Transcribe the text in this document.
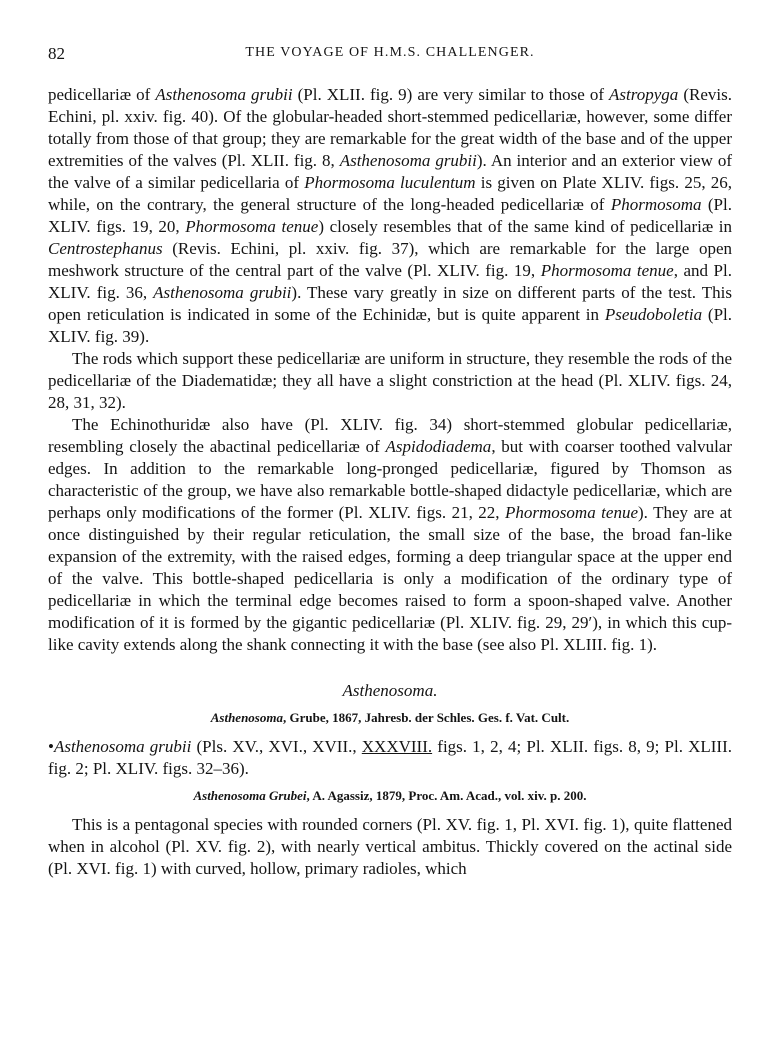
82	THE VOYAGE OF H.M.S. CHALLENGER.

pedicellariæ of Asthenosoma grubii (Pl. XLII. fig. 9) are very similar to those of Astropyga (Revis. Echini, pl. xxiv. fig. 40). Of the globular-headed short-stemmed pedicellariæ, however, some differ totally from those of that group; they are remarkable for the great width of the base and of the upper extremities of the valves (Pl. XLII. fig. 8, Asthenosoma grubii). An interior and an exterior view of the valve of a similar pedicellaria of Phormosoma luculentum is given on Plate XLIV. figs. 25, 26, while, on the contrary, the general structure of the long-headed pedicellariæ of Phormosoma (Pl. XLIV. figs. 19, 20, Phormosoma tenue) closely resembles that of the same kind of pedicellariæ in Centrostephanus (Revis. Echini, pl. xxiv. fig. 37), which are remarkable for the large open meshwork structure of the central part of the valve (Pl. XLIV. fig. 19, Phormosoma tenue, and Pl. XLIV. fig. 36, Asthenosoma grubii). These vary greatly in size on different parts of the test. This open reticulation is indicated in some of the Echinidæ, but is quite apparent in Pseudoboletia (Pl. XLIV. fig. 39).

The rods which support these pedicellariæ are uniform in structure, they resemble the rods of the pedicellariæ of the Diadematidæ; they all have a slight constriction at the head (Pl. XLIV. figs. 24, 28, 31, 32).

The Echinothuridæ also have (Pl. XLIV. fig. 34) short-stemmed globular pedicellariæ, resembling closely the abactinal pedicellariæ of Aspidodiadema, but with coarser toothed valvular edges. In addition to the remarkable long-pronged pedicellariæ, figured by Thomson as characteristic of the group, we have also remarkable bottle-shaped didactyle pedicellariæ, which are perhaps only modifications of the former (Pl. XLIV. figs. 21, 22, Phormosoma tenue). They are at once distinguished by their regular reticulation, the small size of the base, the broad fan-like expansion of the extremity, with the raised edges, forming a deep triangular space at the upper end of the valve. This bottle-shaped pedicellaria is only a modification of the ordinary type of pedicellariæ in which the terminal edge becomes raised to form a spoon-shaped valve. Another modification of it is formed by the gigantic pedicellariæ (Pl. XLIV. fig. 29, 29′), in which this cup-like cavity extends along the shank connecting it with the base (see also Pl. XLIII. fig. 1).

Asthenosoma.
Asthenosoma, Grube, 1867, Jahresb. der Schles. Ges. f. Vat. Cult.
•Asthenosoma grubii (Pls. XV., XVI., XVII., XXXVIII. figs. 1, 2, 4; Pl. XLII. figs. 8, 9; Pl. XLIII. fig. 2; Pl. XLIV. figs. 32–36).
Asthenosoma Grubei, A. Agassiz, 1879, Proc. Am. Acad., vol. xiv. p. 200.

This is a pentagonal species with rounded corners (Pl. XV. fig. 1, Pl. XVI. fig. 1), quite flattened when in alcohol (Pl. XV. fig. 2), with nearly vertical ambitus. Thickly covered on the actinal side (Pl. XVI. fig. 1) with curved, hollow, primary radioles, which
